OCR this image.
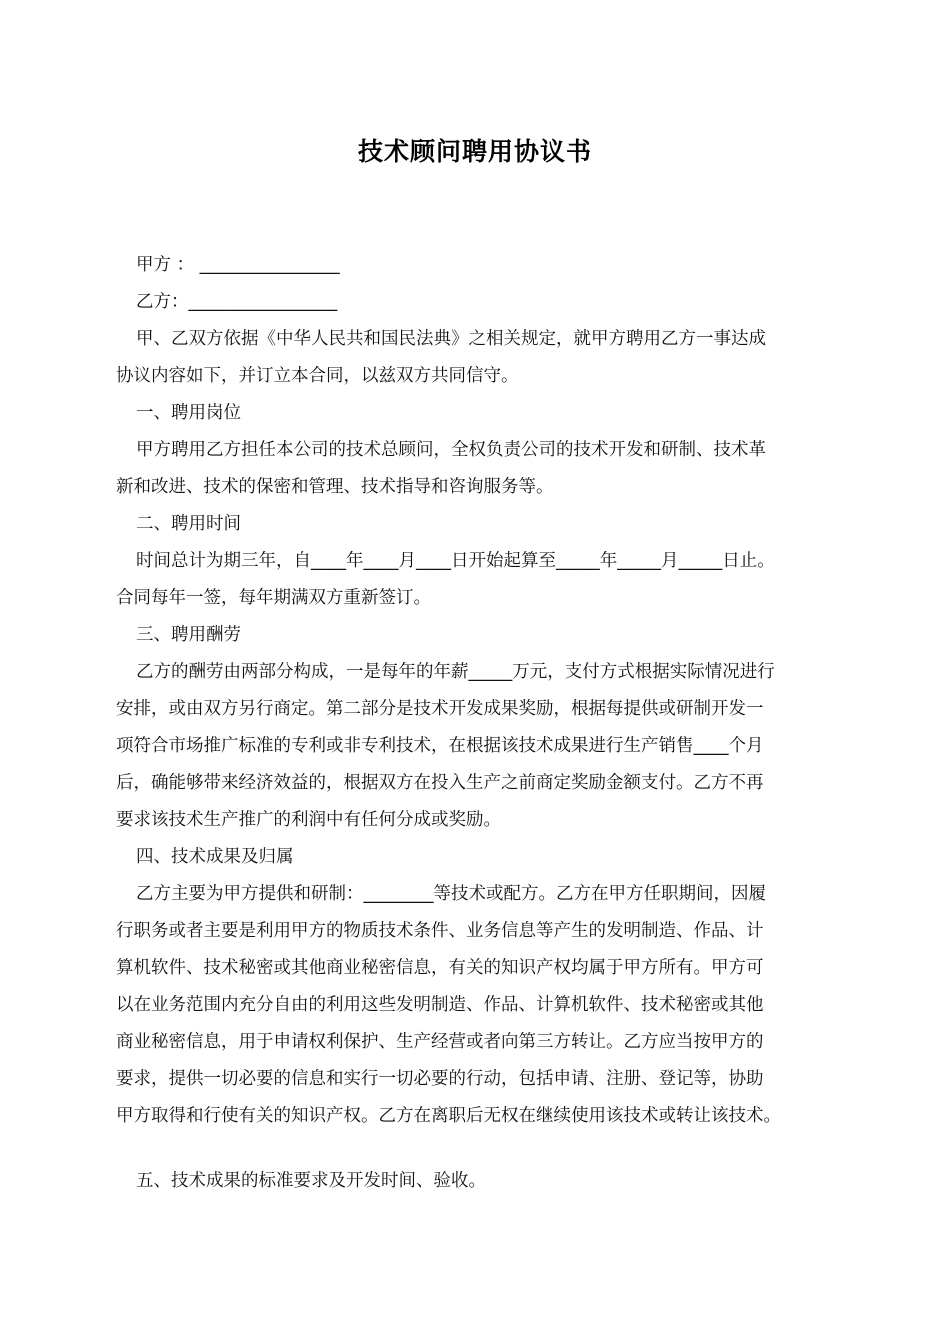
技术顾问聘用协议书
甲方 ： ________________
乙方：_________________
甲、乙双方依据《中华人民共和国民法典》之相关规定，就甲方聘用乙方一事达成
协议内容如下，并订立本合同，以兹双方共同信守。
一、聘用岗位
甲方聘用乙方担任本公司的技术总顾问，全权负责公司的技术开发和研制、技术革
新和改进、技术的保密和管理、技术指导和咨询服务等。
二、聘用时间
时间总计为期三年，自____年____月____日开始起算至_____年_____月_____日止。
合同每年一签，每年期满双方重新签订。
三、聘用酬劳
乙方的酬劳由两部分构成，一是每年的年薪_____万元，支付方式根据实际情况进行
安排，或由双方另行商定。第二部分是技术开发成果奖励，根据每提供或研制开发一
项符合市场推广标准的专利或非专利技术，在根据该技术成果进行生产销售____个月
后，确能够带来经济效益的，根据双方在投入生产之前商定奖励金额支付。乙方不再
要求该技术生产推广的利润中有任何分成或奖励。
四、技术成果及归属
乙方主要为甲方提供和研制：________等技术或配方。乙方在甲方任职期间，因履
行职务或者主要是利用甲方的物质技术条件、业务信息等产生的发明制造、作品、计
算机软件、技术秘密或其他商业秘密信息，有关的知识产权均属于甲方所有。甲方可
以在业务范围内充分自由的利用这些发明制造、作品、计算机软件、技术秘密或其他
商业秘密信息，用于申请权利保护、生产经营或者向第三方转让。乙方应当按甲方的
要求，提供一切必要的信息和实行一切必要的行动，包括申请、注册、登记等，协助
甲方取得和行使有关的知识产权。乙方在离职后无权在继续使用该技术或转让该技术。
五、技术成果的标准要求及开发时间、验收。
